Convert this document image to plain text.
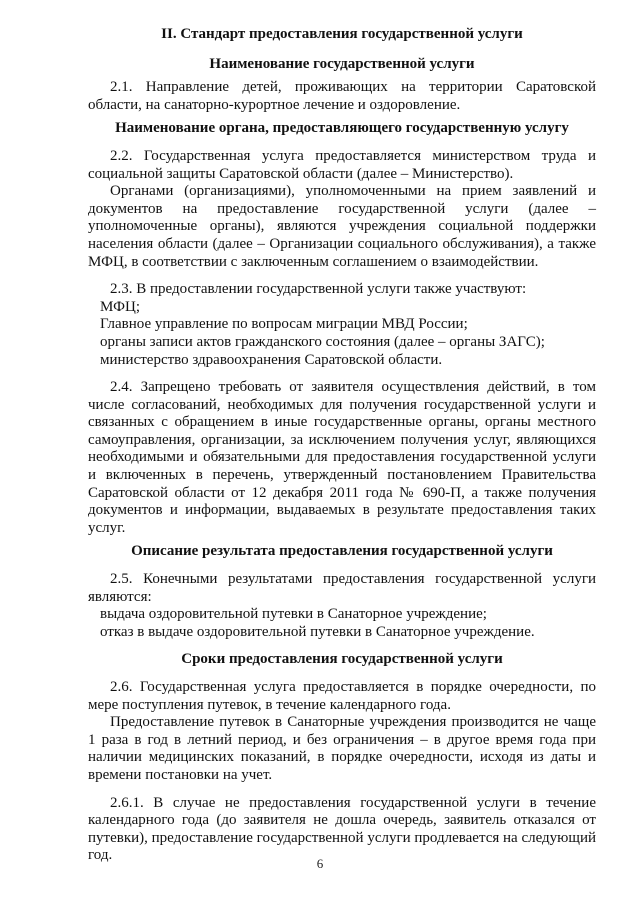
II. Стандарт предоставления государственной услуги

Наименование государственной услуги

2.1. Направление детей, проживающих на территории Саратовской области, на санаторно-курортное лечение и оздоровление.

Наименование органа, предоставляющего государственную услугу

2.2. Государственная услуга предоставляется министерством труда и социальной защиты Саратовской области (далее – Министерство).

Органами (организациями), уполномоченными на прием заявлений и документов на предоставление государственной услуги (далее – уполномоченные органы), являются учреждения социальной поддержки населения области (далее – Организации социального обслуживания), а также МФЦ, в соответствии с заключенным соглашением о взаимодействии.

2.3. В предоставлении государственной услуги также участвуют:

МФЦ;

Главное управление по вопросам миграции МВД России;

органы записи актов гражданского состояния (далее – органы ЗАГС);

министерство здравоохранения Саратовской области.

2.4. Запрещено требовать от заявителя осуществления действий, в том числе согласований, необходимых для получения государственной услуги и связанных с обращением в иные государственные органы, органы местного самоуправления, организации, за исключением получения услуг, являющихся необходимыми и обязательными для предоставления государственной услуги и включенных в перечень, утвержденный постановлением Правительства Саратовской области от 12 декабря 2011 года № 690-П, а также получения документов и информации, выдаваемых в результате предоставления таких услуг.

Описание результата предоставления государственной услуги

2.5. Конечными результатами предоставления государственной услуги являются:

выдача оздоровительной путевки в Санаторное учреждение;

отказ в выдаче оздоровительной путевки в Санаторное учреждение.

Сроки предоставления государственной услуги

2.6. Государственная услуга предоставляется в порядке очередности, по мере поступления путевок, в течение календарного года.

Предоставление путевок в Санаторные учреждения производится не чаще 1 раза в год в летний период, и без ограничения – в другое время года при наличии медицинских показаний, в порядке очередности, исходя из даты и времени постановки на учет.

2.6.1. В случае не предоставления государственной услуги в течение календарного года (до заявителя не дошла очередь, заявитель отказался от путевки), предоставление государственной услуги продлевается на следующий год.

6
